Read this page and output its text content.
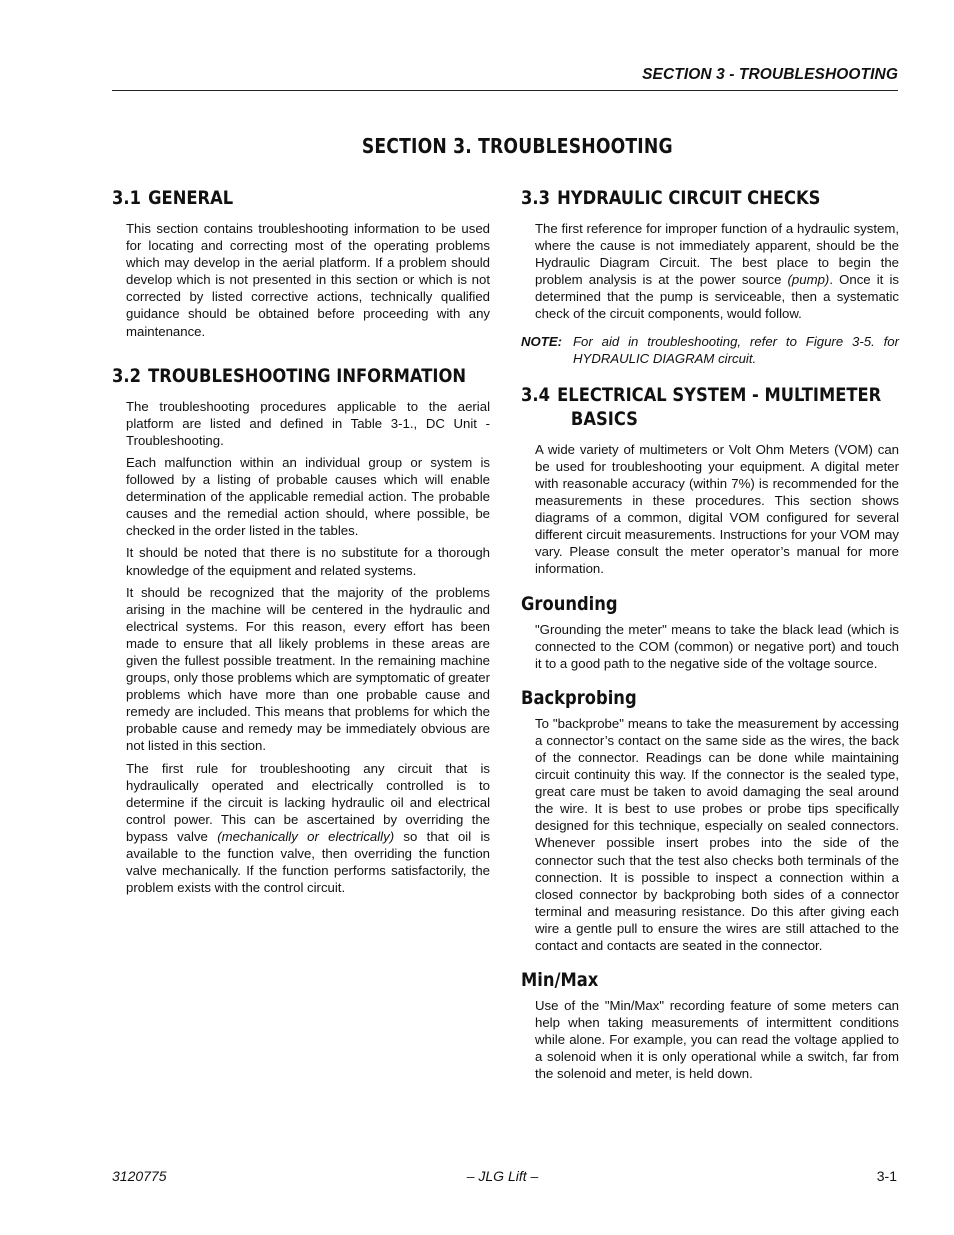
SECTION 3 - TROUBLESHOOTING
SECTION 3. TROUBLESHOOTING
3.1 GENERAL

This section contains troubleshooting information to be used for locating and correcting most of the operating problems which may develop in the aerial platform. If a problem should develop which is not presented in this section or which is not corrected by listed corrective actions, technically qualified guidance should be obtained before proceeding with any maintenance.

3.2 TROUBLESHOOTING INFORMATION

The troubleshooting procedures applicable to the aerial platform are listed and defined in Table 3-1., DC Unit - Troubleshooting.

Each malfunction within an individual group or system is followed by a listing of probable causes which will enable determination of the applicable remedial action. The probable causes and the remedial action should, where possible, be checked in the order listed in the tables.

It should be noted that there is no substitute for a thorough knowledge of the equipment and related systems.

It should be recognized that the majority of the problems arising in the machine will be centered in the hydraulic and electrical systems. For this reason, every effort has been made to ensure that all likely problems in these areas are given the fullest possible treatment. In the remaining machine groups, only those problems which are symptomatic of greater problems which have more than one probable cause and remedy are included. This means that problems for which the probable cause and remedy may be immediately obvious are not listed in this section.

The first rule for troubleshooting any circuit that is hydraulically operated and electrically controlled is to determine if the circuit is lacking hydraulic oil and electrical control power. This can be ascertained by overriding the bypass valve (mechanically or electrically) so that oil is available to the function valve, then overriding the function valve mechanically. If the function performs satisfactorily, the problem exists with the control circuit.

3.3 HYDRAULIC CIRCUIT CHECKS

The first reference for improper function of a hydraulic system, where the cause is not immediately apparent, should be the Hydraulic Diagram Circuit. The best place to begin the problem analysis is at the power source (pump). Once it is determined that the pump is serviceable, then a systematic check of the circuit components, would follow.

NOTE: For aid in troubleshooting, refer to Figure 3-5. for HYDRAULIC DIAGRAM circuit.
3.4 ELECTRICAL SYSTEM - MULTIMETER
BASICS

A wide variety of multimeters or Volt Ohm Meters (VOM) can be used for troubleshooting your equipment. A digital meter with reasonable accuracy (within 7%) is recommended for the measurements in these procedures. This section shows diagrams of a common, digital VOM configured for several different circuit measurements. Instructions for your VOM may vary. Please consult the meter operator’s manual for more information.

Grounding

"Grounding the meter" means to take the black lead (which is connected to the COM (common) or negative port) and touch it to a good path to the negative side of the voltage source.

Backprobing

To "backprobe" means to take the measurement by accessing a connector’s contact on the same side as the wires, the back of the connector. Readings can be done while maintaining circuit continuity this way. If the connector is the sealed type, great care must be taken to avoid damaging the seal around the wire. It is best to use probes or probe tips specifically designed for this technique, especially on sealed connectors. Whenever possible insert probes into the side of the connector such that the test also checks both terminals of the connection. It is possible to inspect a connection within a closed connector by backprobing both sides of a connector terminal and measuring resistance. Do this after giving each wire a gentle pull to ensure the wires are still attached to the contact and contacts are seated in the connector.

Min/Max

Use of the "Min/Max" recording feature of some meters can help when taking measurements of intermittent conditions while alone. For example, you can read the voltage applied to a solenoid when it is only operational while a switch, far from the solenoid and meter, is held down.

3120775	– JLG Lift –	3-1
